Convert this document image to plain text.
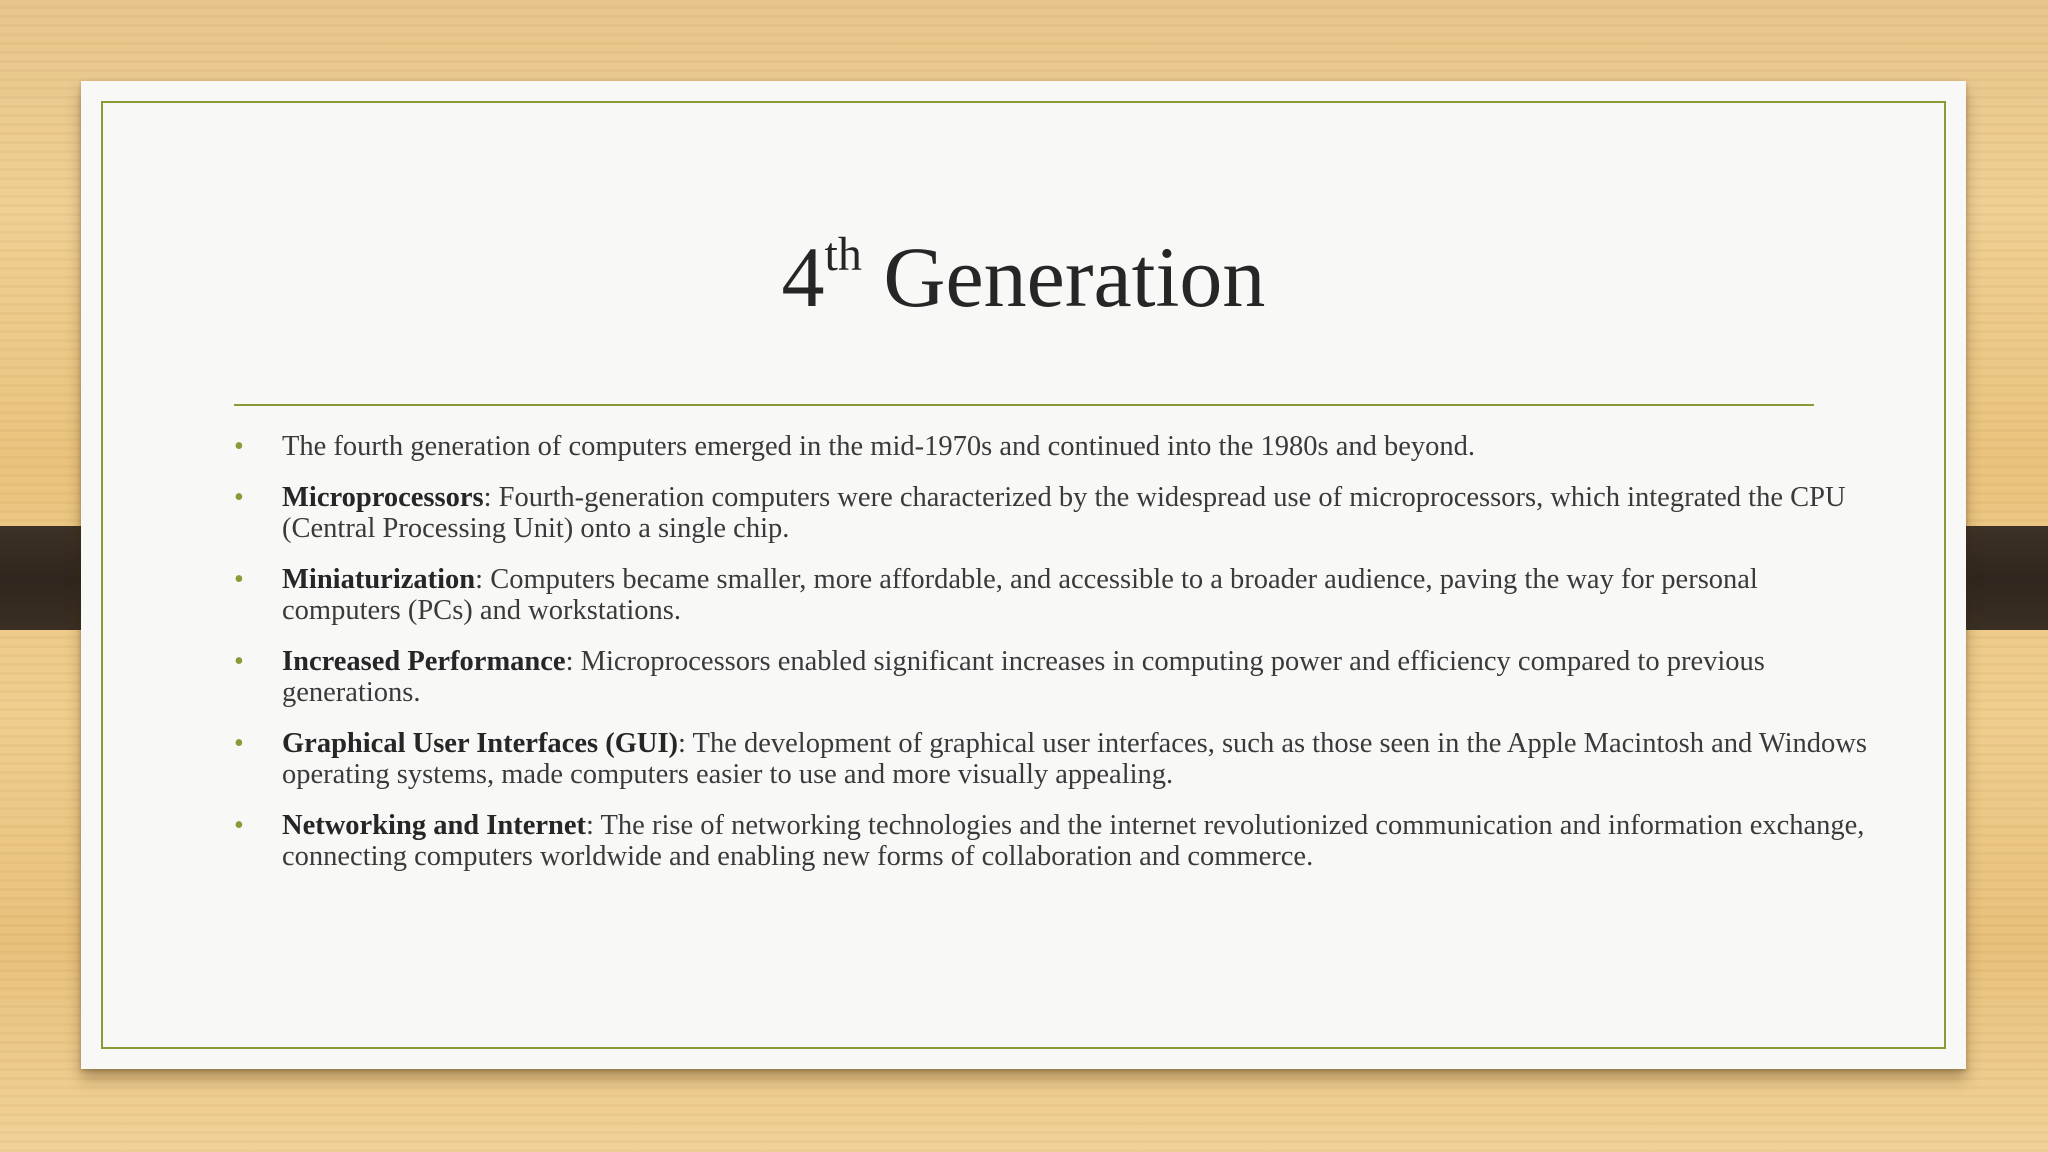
4th Generation
• The fourth generation of computers emerged in the mid-1970s and continued into the 1980s and beyond.
• Microprocessors: Fourth-generation computers were characterized by the widespread use of microprocessors, which integrated the CPU (Central Processing Unit) onto a single chip.
• Miniaturization: Computers became smaller, more affordable, and accessible to a broader audience, paving the way for personal computers (PCs) and workstations.
• Increased Performance: Microprocessors enabled significant increases in computing power and efficiency compared to previous generations.
• Graphical User Interfaces (GUI): The development of graphical user interfaces, such as those seen in the Apple Macintosh and Windows operating systems, made computers easier to use and more visually appealing.
• Networking and Internet: The rise of networking technologies and the internet revolutionized communication and information exchange, connecting computers worldwide and enabling new forms of collaboration and commerce.
